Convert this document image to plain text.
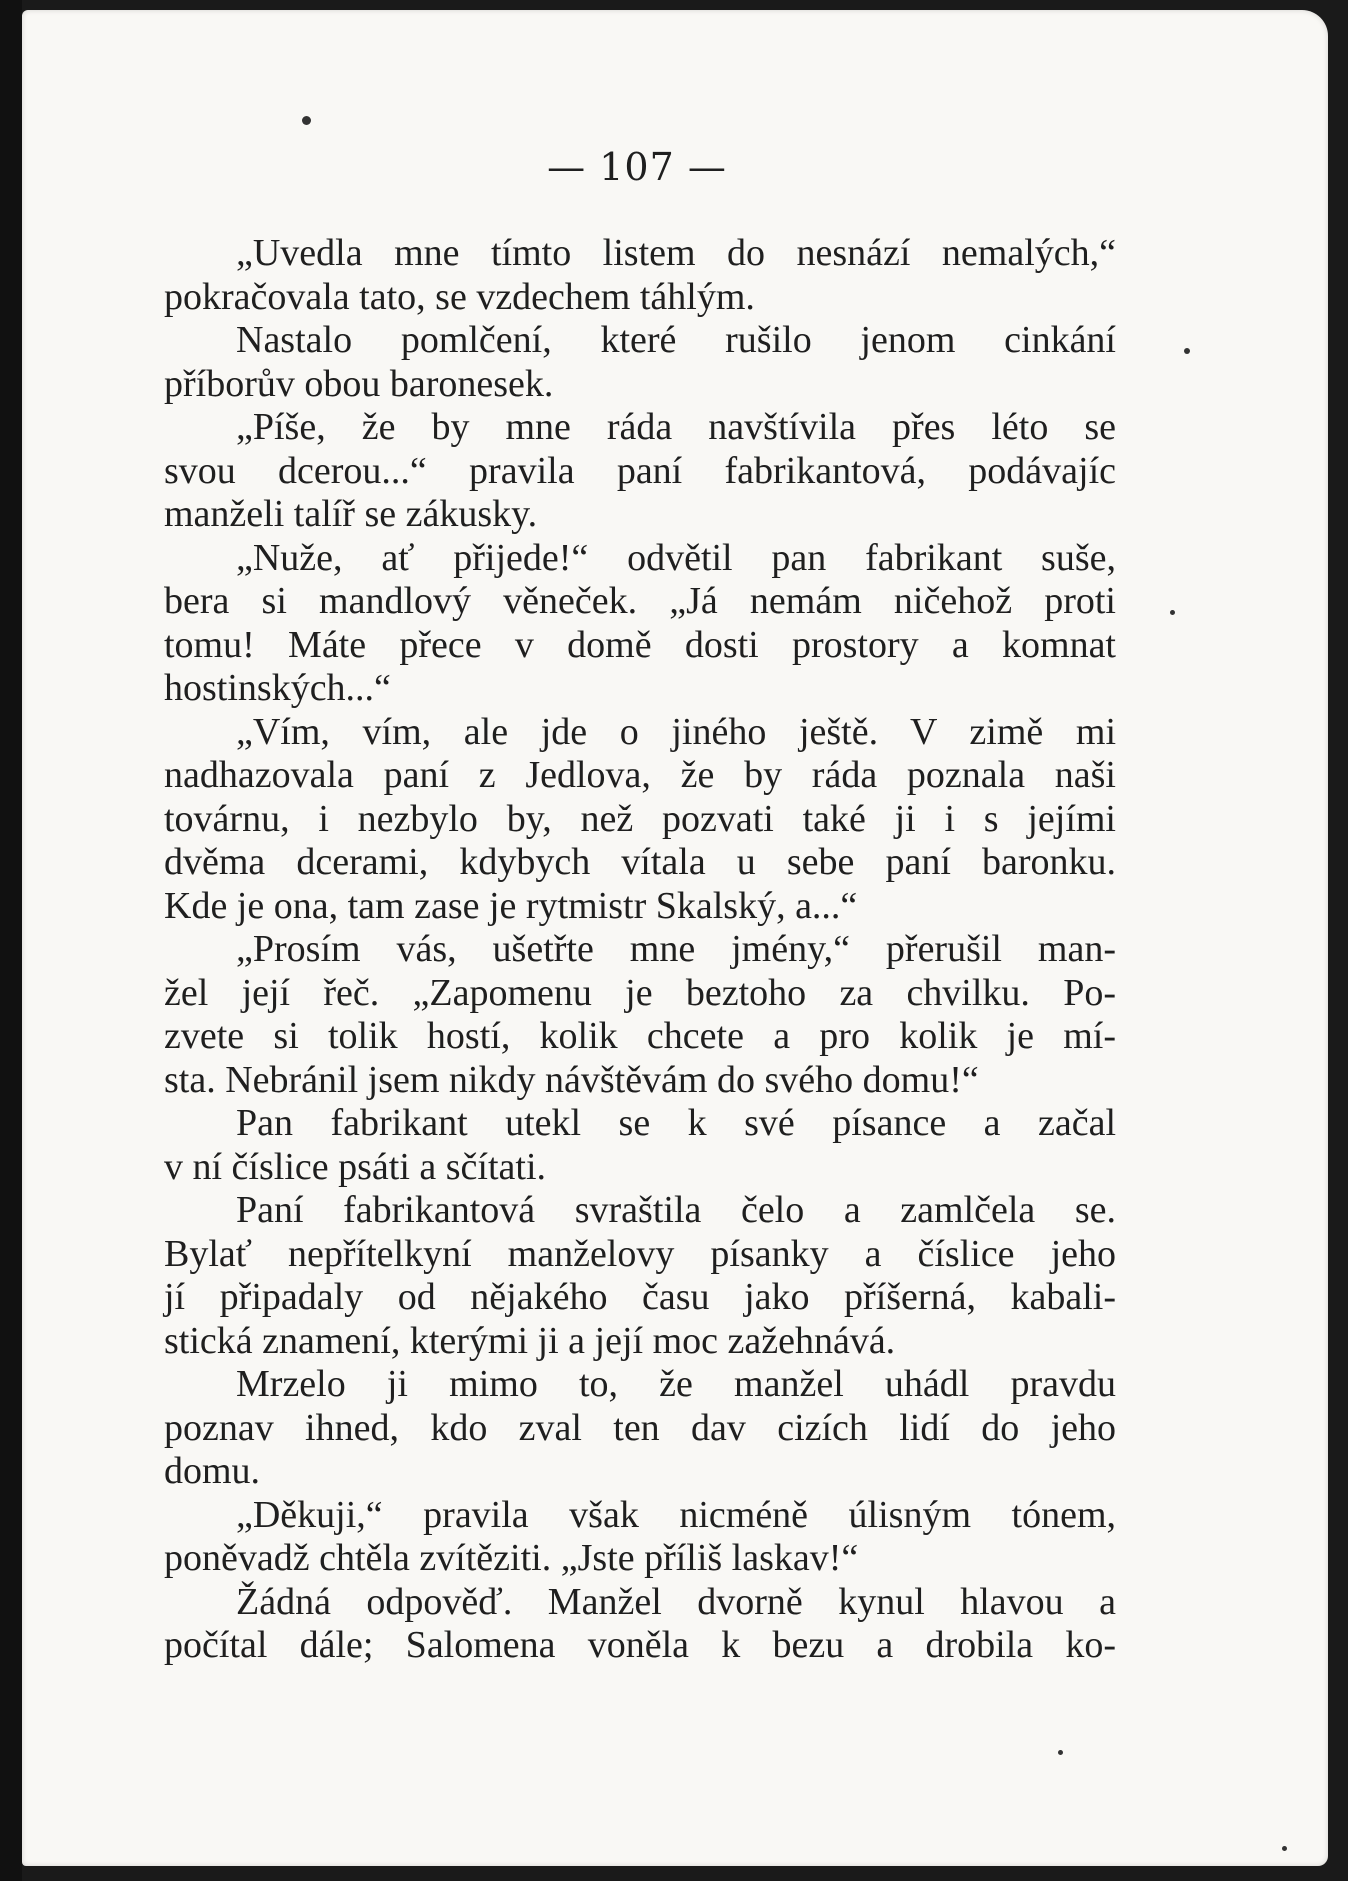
— 107 —
„Uvedla mne tímto listem do nesnází nemalých,“
pokračovala tato, se vzdechem táhlým.
Nastalo pomlčení, které rušilo jenom cinkání
příborův obou baronesek.
„Píše, že by mne ráda navštívila přes léto se
svou dcerou...“ pravila paní fabrikantová, podávajíc
manželi talíř se zákusky.
„Nuže, ať přijede!“ odvětil pan fabrikant suše,
bera si mandlový věneček. „Já nemám ničehož proti
tomu! Máte přece v domě dosti prostory a komnat
hostinských...“
„Vím, vím, ale jde o jiného ještě. V zimě mi
nadhazovala paní z Jedlova, že by ráda poznala naši
továrnu, i nezbylo by, než pozvati také ji i s jejími
dvěma dcerami, kdybych vítala u sebe paní baronku.
Kde je ona, tam zase je rytmistr Skalský, a...“
„Prosím vás, ušetřte mne jmény,“ přerušil man-
žel její řeč. „Zapomenu je beztoho za chvilku. Po-
zvete si tolik hostí, kolik chcete a pro kolik je mí-
sta. Nebránil jsem nikdy návštěvám do svého domu!“
Pan fabrikant utekl se k své písance a začal
v ní číslice psáti a sčítati.
Paní fabrikantová svraštila čelo a zamlčela se.
Bylať nepřítelkyní manželovy písanky a číslice jeho
jí připadaly od nějakého času jako příšerná, kabali-
stická znamení, kterými ji a její moc zažehnává.
Mrzelo ji mimo to, že manžel uhádl pravdu
poznav ihned, kdo zval ten dav cizích lidí do jeho
domu.
„Děkuji,“ pravila však nicméně úlisným tónem,
poněvadž chtěla zvítěziti. „Jste příliš laskav!“
Žádná odpověď. Manžel dvorně kynul hlavou a
počítal dále; Salomena voněla k bezu a drobila ko-
